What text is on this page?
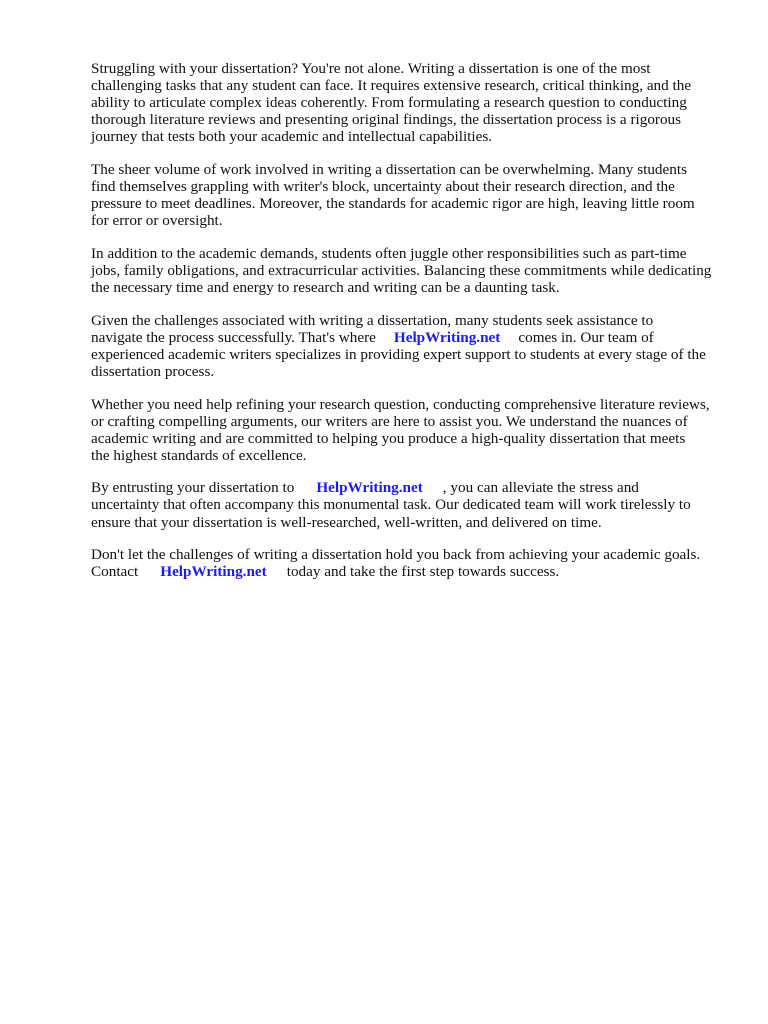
Struggling with your dissertation? You're not alone. Writing a dissertation is one of the most
challenging tasks that any student can face. It requires extensive research, critical thinking, and the
ability to articulate complex ideas coherently. From formulating a research question to conducting
thorough literature reviews and presenting original findings, the dissertation process is a rigorous
journey that tests both your academic and intellectual capabilities.

The sheer volume of work involved in writing a dissertation can be overwhelming. Many students
find themselves grappling with writer's block, uncertainty about their research direction, and the
pressure to meet deadlines. Moreover, the standards for academic rigor are high, leaving little room
for error or oversight.

In addition to the academic demands, students often juggle other responsibilities such as part-time
jobs, family obligations, and extracurricular activities. Balancing these commitments while dedicating
the necessary time and energy to research and writing can be a daunting task.

Given the challenges associated with writing a dissertation, many students seek assistance to
navigate the process successfully. That's where HelpWriting.net comes in. Our team of
experienced academic writers specializes in providing expert support to students at every stage of the
dissertation process.

Whether you need help refining your research question, conducting comprehensive literature reviews,
or crafting compelling arguments, our writers are here to assist you. We understand the nuances of
academic writing and are committed to helping you produce a high-quality dissertation that meets
the highest standards of excellence.

By entrusting your dissertation to HelpWriting.net , you can alleviate the stress and
uncertainty that often accompany this monumental task. Our dedicated team will work tirelessly to
ensure that your dissertation is well-researched, well-written, and delivered on time.

Don't let the challenges of writing a dissertation hold you back from achieving your academic goals.
Contact HelpWriting.net today and take the first step towards success.
